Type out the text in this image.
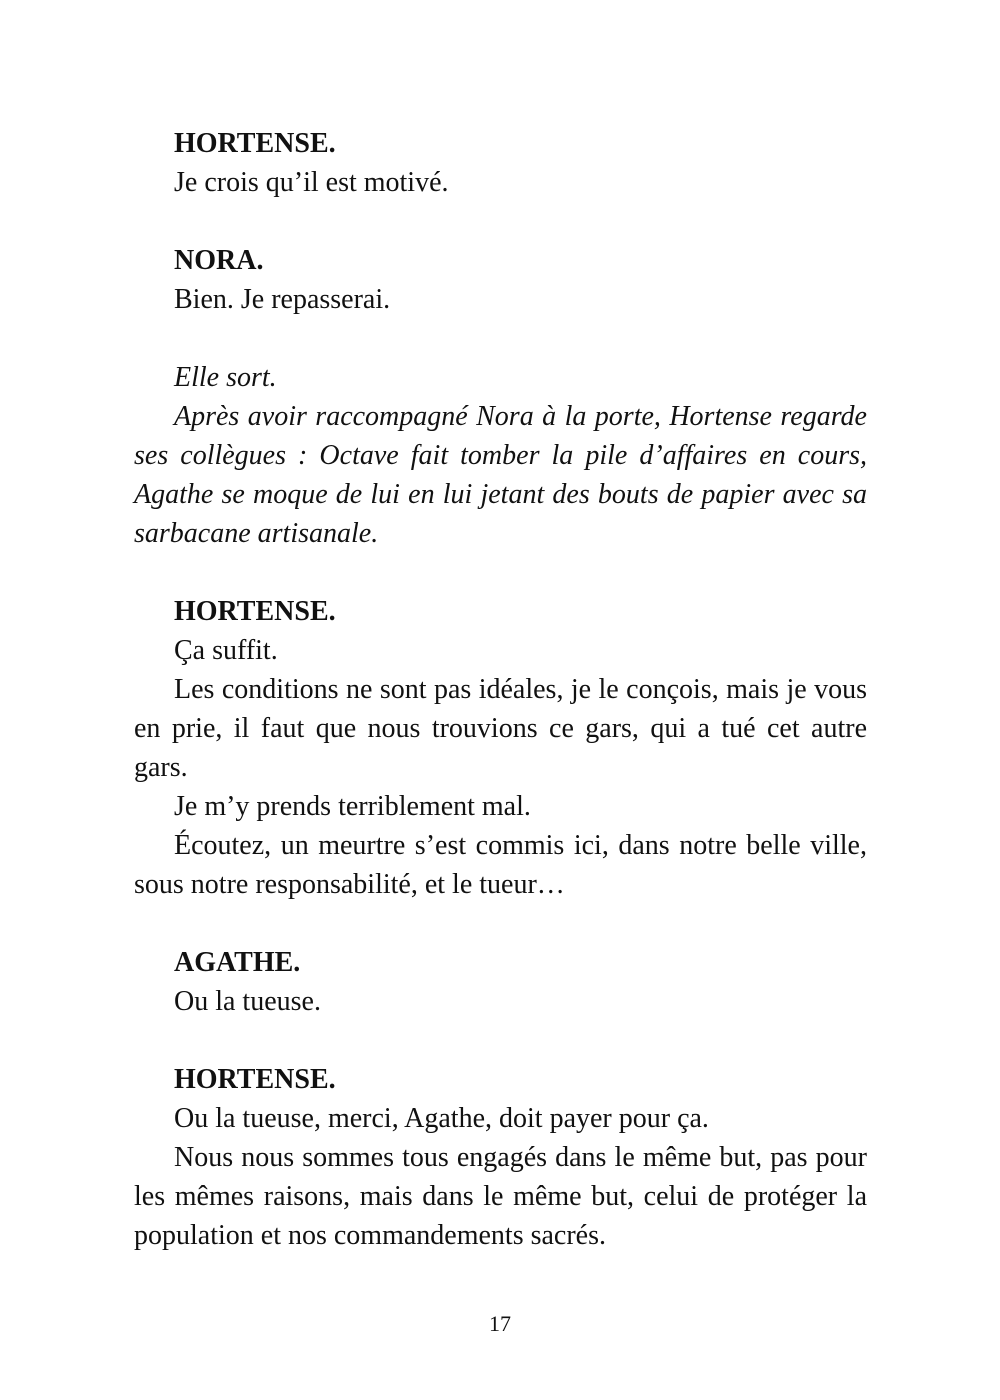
HORTENSE.

Je crois qu’il est motivé.

NORA.

Bien. Je repasserai.

Elle sort.

Après avoir raccompagné Nora à la porte, Hortense regarde ses collègues : Octave fait tomber la pile d’affaires en cours, Agathe se moque de lui en lui jetant des bouts de papier avec sa sarbacane artisanale.

HORTENSE.

Ça suffit.

Les conditions ne sont pas idéales, je le conçois, mais je vous en prie, il faut que nous trouvions ce gars, qui a tué cet autre gars.

Je m’y prends terriblement mal.

Écoutez, un meurtre s’est commis ici, dans notre belle ville, sous notre responsabilité, et le tueur…

AGATHE.

Ou la tueuse.

HORTENSE.

Ou la tueuse, merci, Agathe, doit payer pour ça.

Nous nous sommes tous engagés dans le même but, pas pour les mêmes raisons, mais dans le même but, celui de protéger la population et nos commandements sacrés.

17
